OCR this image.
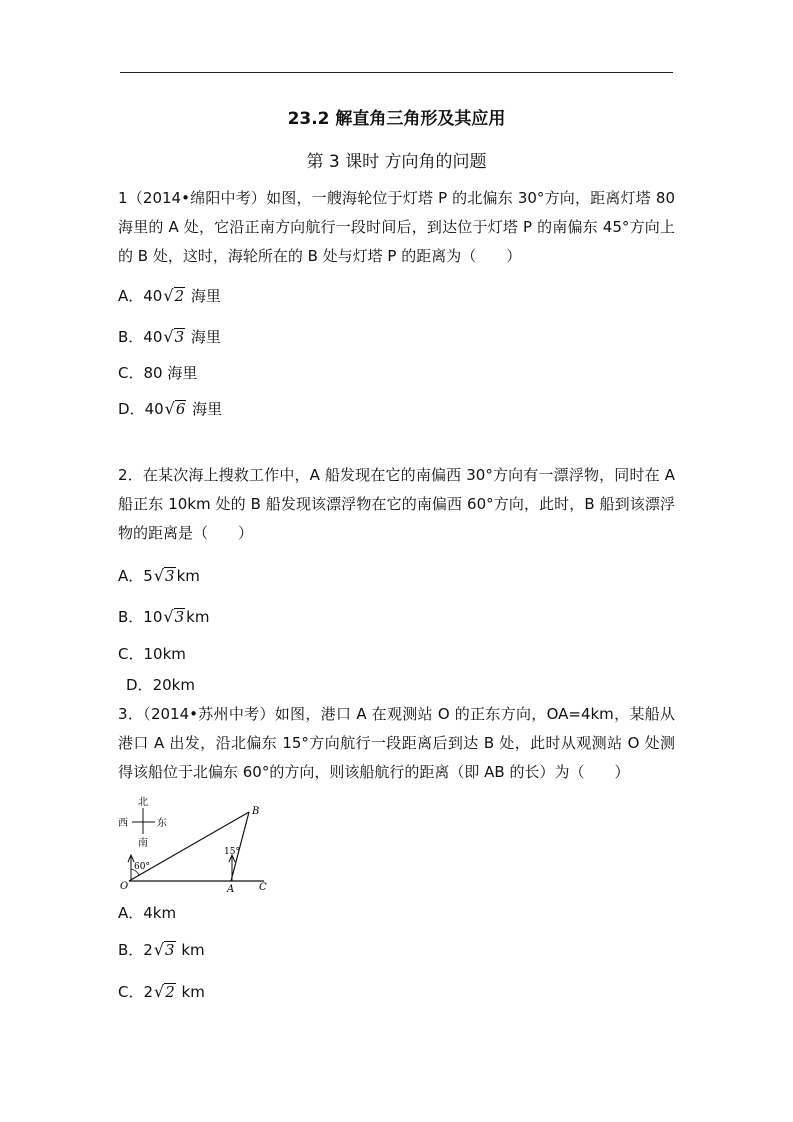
23.2 解直角三角形及其应用
第 3 课时 方向角的问题
1（2014•绵阳中考）如图，一艘海轮位于灯塔 P 的北偏东 30°方向，距离灯塔 80 海里的 A 处，它沿正南方向航行一段时间后，到达位于灯塔 P 的南偏东 45°方向上的 B 处，这时，海轮所在的 B 处与灯塔 P 的距离为（　　）
A．40√2 海里
B．40√3 海里
C．80 海里
D．40√6 海里
2．在某次海上搜救工作中，A 船发现在它的南偏西 30°方向有一漂浮物，同时在 A 船正东 10km 处的 B 船发现该漂浮物在它的南偏西 60°方向，此时，B 船到该漂浮物的距离是（　　）
A．5√3 km
B．10√3 km
C．10km
D．20km
3．（2014•苏州中考）如图，港口 A 在观测站 O 的正东方向，OA=4km，某船从港口 A 出发，沿北偏东 15°方向航行一段距离后到达 B 处，此时从观测站 O 处测得该船位于北偏东 60°的方向，则该船航行的距离（即 AB 的长）为（　　）
北
西	东
南
60°
15°
O	A
B
C
A．4km
B．2√3 km
C．2√2 km
